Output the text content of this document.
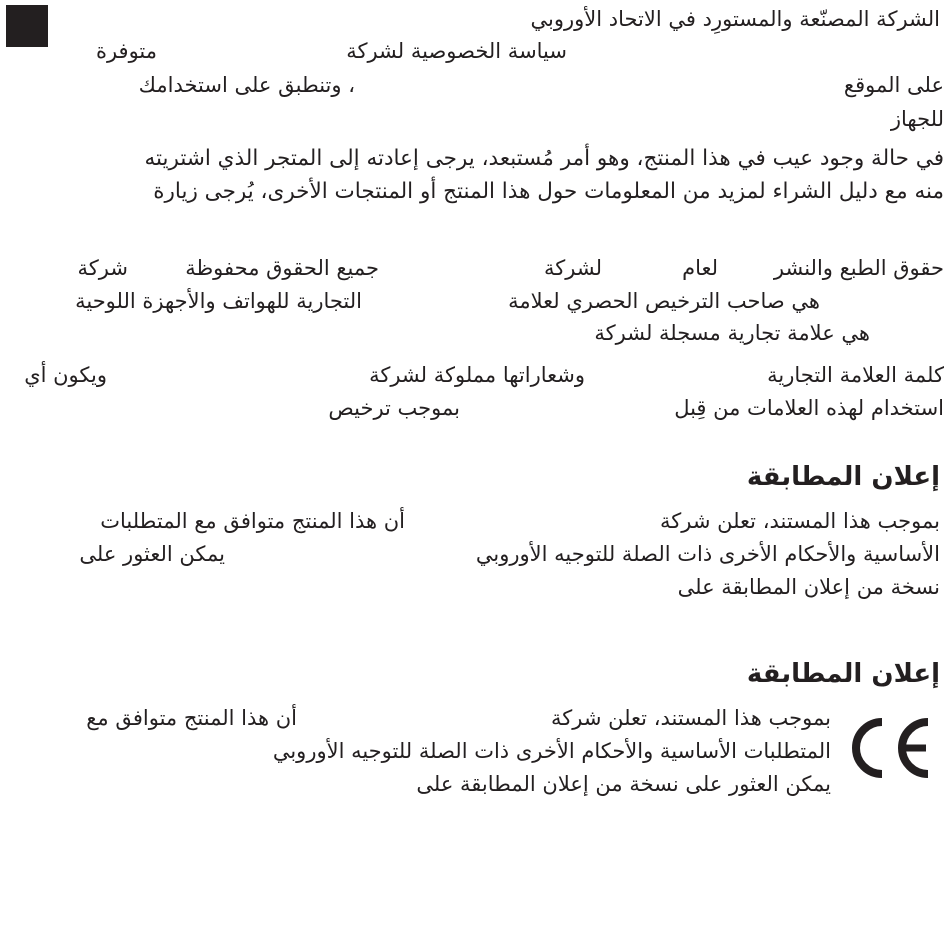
الشركة المصنّعة والمستورِد في الاتحاد الأوروبي
سياسة الخصوصية لشركة
متوفرة
على الموقع
، وتنطبق على استخدامك
للجهاز
في حالة وجود عيب في هذا المنتج، وهو أمر مُستبعد، يرجى إعادته إلى المتجر الذي اشتريته
منه مع دليل الشراء لمزيد من المعلومات حول هذا المنتج أو المنتجات الأخرى، يُرجى زيارة
حقوق الطبع والنشر
لعام
لشركة
جميع الحقوق محفوظة
شركة
هي صاحب الترخيص الحصري لعلامة
التجارية للهواتف والأجهزة اللوحية
هي علامة تجارية مسجلة لشركة
كلمة العلامة التجارية
وشعاراتها مملوكة لشركة
ويكون أي
استخدام لهذه العلامات من قِبل
بموجب ترخيص
إعلان المطابقة
بموجب هذا المستند، تعلن شركة
أن هذا المنتج متوافق مع المتطلبات
الأساسية والأحكام الأخرى ذات الصلة للتوجيه الأوروبي
يمكن العثور على
نسخة من إعلان المطابقة على
إعلان المطابقة
بموجب هذا المستند، تعلن شركة
أن هذا المنتج متوافق مع
المتطلبات الأساسية والأحكام الأخرى ذات الصلة للتوجيه الأوروبي
يمكن العثور على نسخة من إعلان المطابقة على
